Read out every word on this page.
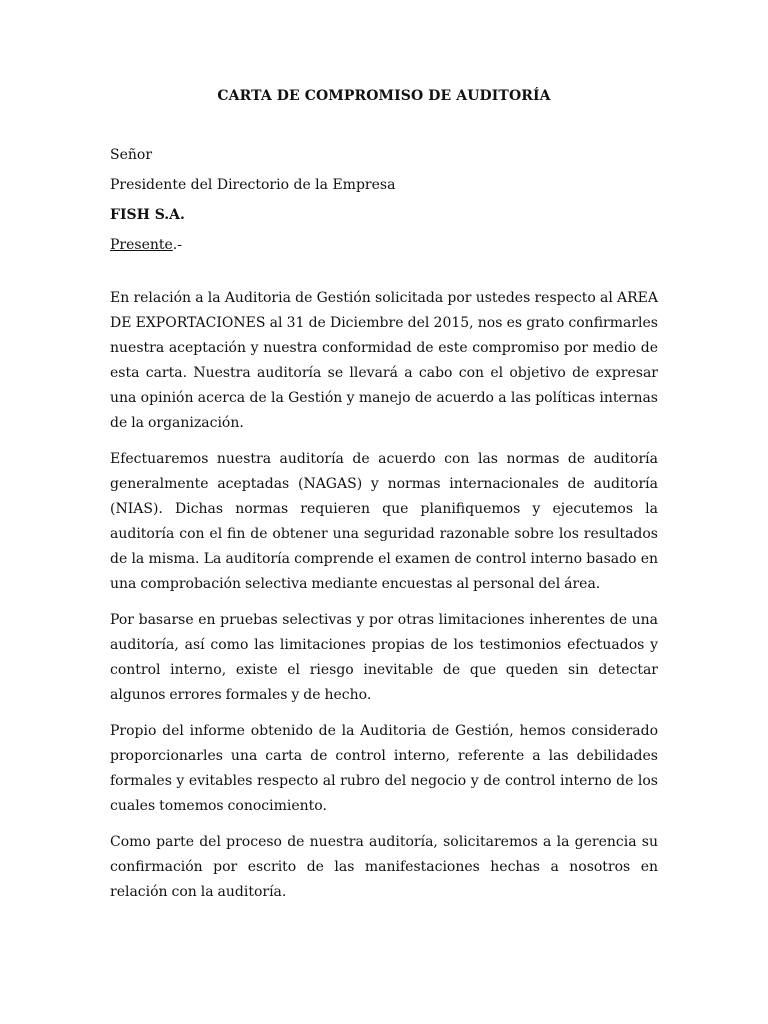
CARTA DE COMPROMISO DE AUDITORÍA
Señor
Presidente del Directorio de la Empresa
FISH S.A.
Presente.-

En relación a la Auditoria de Gestión solicitada por ustedes respecto al AREA DE EXPORTACIONES al 31 de Diciembre del 2015, nos es grato confirmarles nuestra aceptación y nuestra conformidad de este compromiso por medio de esta carta. Nuestra auditoría se llevará a cabo con el objetivo de expresar una opinión acerca de la Gestión y manejo de acuerdo a las políticas internas de la organización.

Efectuaremos nuestra auditoría de acuerdo con las normas de auditoría generalmente aceptadas (NAGAS) y normas internacionales de auditoría (NIAS). Dichas normas requieren que planifiquemos y ejecutemos la auditoría con el fin de obtener una seguridad razonable sobre los resultados de la misma. La auditoría comprende el examen de control interno basado en una comprobación selectiva mediante encuestas al personal del área.

Por basarse en pruebas selectivas y por otras limitaciones inherentes de una auditoría, así como las limitaciones propias de los testimonios efectuados y control interno, existe el riesgo inevitable de que queden sin detectar algunos errores formales y de hecho.

Propio del informe obtenido de la Auditoria de Gestión, hemos considerado proporcionarles una carta de control interno, referente a las debilidades formales y evitables respecto al rubro del negocio y de control interno de los cuales tomemos conocimiento.

Como parte del proceso de nuestra auditoría, solicitaremos a la gerencia su confirmación por escrito de las manifestaciones hechas a nosotros en relación con la auditoría.
